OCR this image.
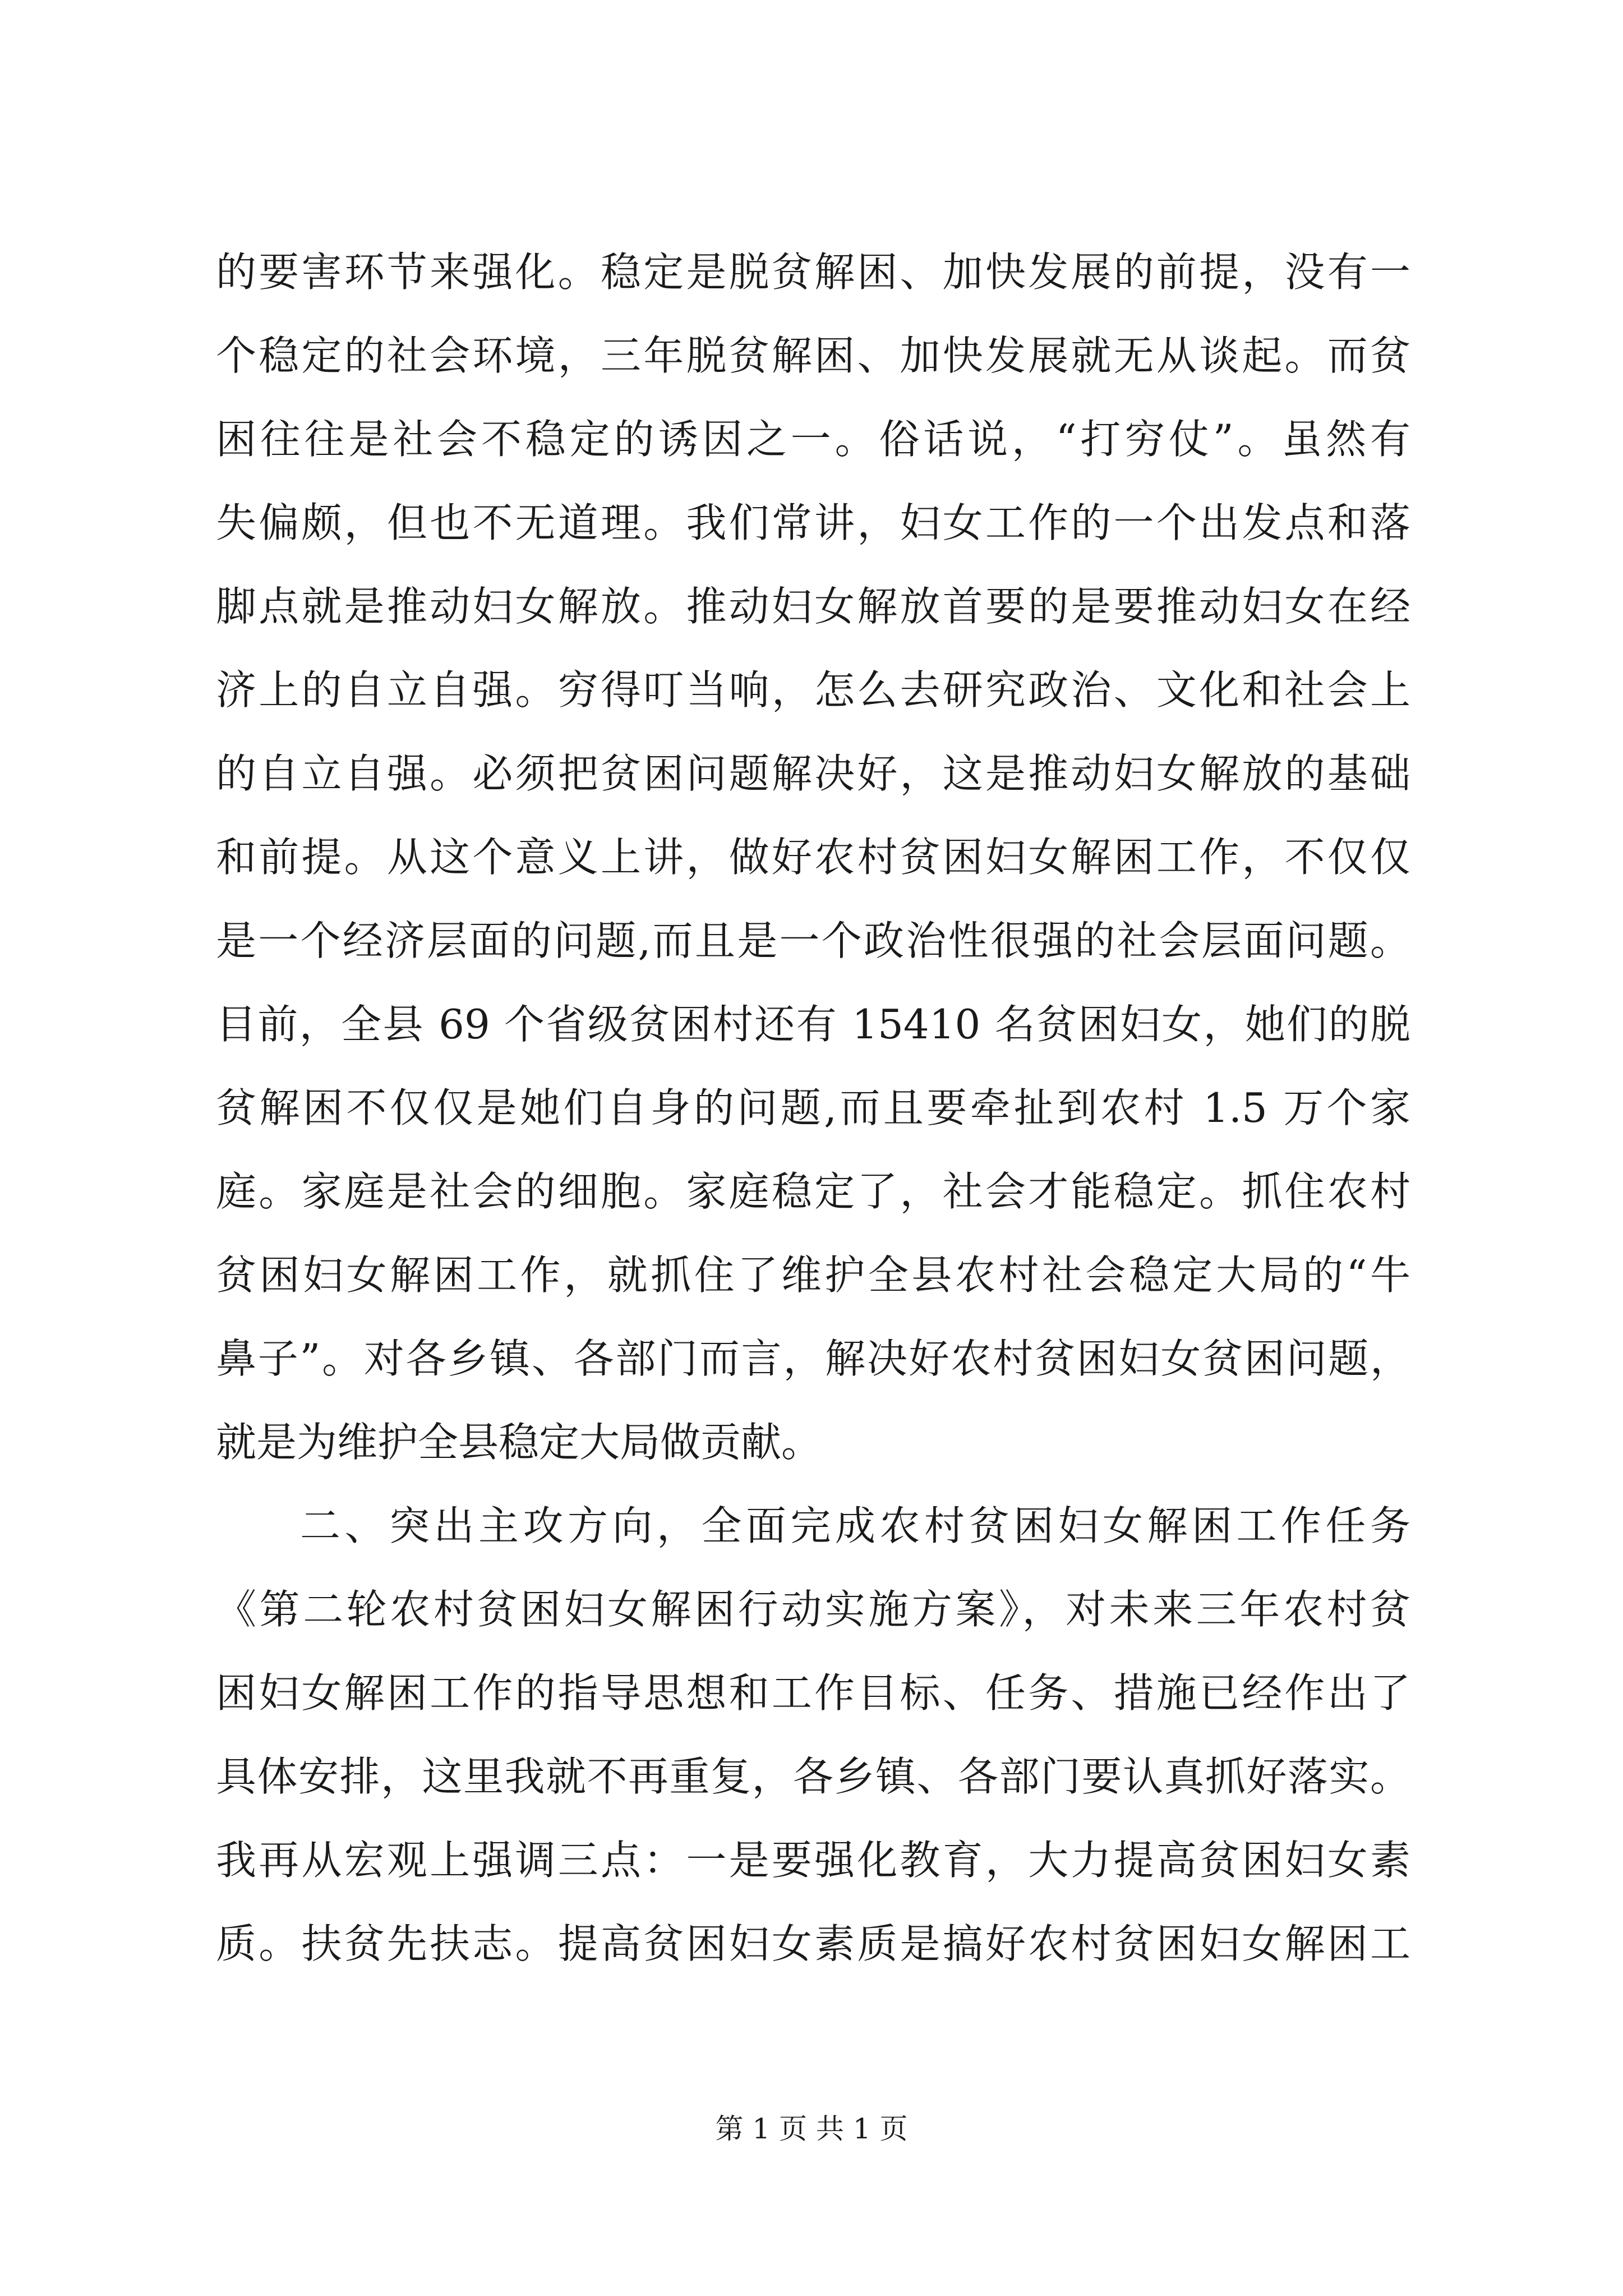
的要害环节来强化。稳定是脱贫解困、加快发展的前提，没有一
个稳定的社会环境，三年脱贫解困、加快发展就无从谈起。而贫
困往往是社会不稳定的诱因之一。俗话说，“打穷仗”。虽然有
失偏颇，但也不无道理。我们常讲，妇女工作的一个出发点和落
脚点就是推动妇女解放。推动妇女解放首要的是要推动妇女在经
济上的自立自强。穷得叮当响，怎么去研究政治、文化和社会上
的自立自强。必须把贫困问题解决好，这是推动妇女解放的基础
和前提。从这个意义上讲，做好农村贫困妇女解困工作，不仅仅
是一个经济层面的问题,而且是一个政治性很强的社会层面问题。
目前，全县 69 个省级贫困村还有 15410 名贫困妇女，她们的脱
贫解困不仅仅是她们自身的问题,而且要牵扯到农村 1.5 万个家
庭。家庭是社会的细胞。家庭稳定了，社会才能稳定。抓住农村
贫困妇女解困工作，就抓住了维护全县农村社会稳定大局的“牛
鼻子”。对各乡镇、各部门而言，解决好农村贫困妇女贫困问题，
就是为维护全县稳定大局做贡献。
二、突出主攻方向，全面完成农村贫困妇女解困工作任务
《第二轮农村贫困妇女解困行动实施方案》，对未来三年农村贫
困妇女解困工作的指导思想和工作目标、任务、措施已经作出了
具体安排，这里我就不再重复，各乡镇、各部门要认真抓好落实。
我再从宏观上强调三点：一是要强化教育，大力提高贫困妇女素
质。扶贫先扶志。提高贫困妇女素质是搞好农村贫困妇女解困工
第 1 页 共 1 页
